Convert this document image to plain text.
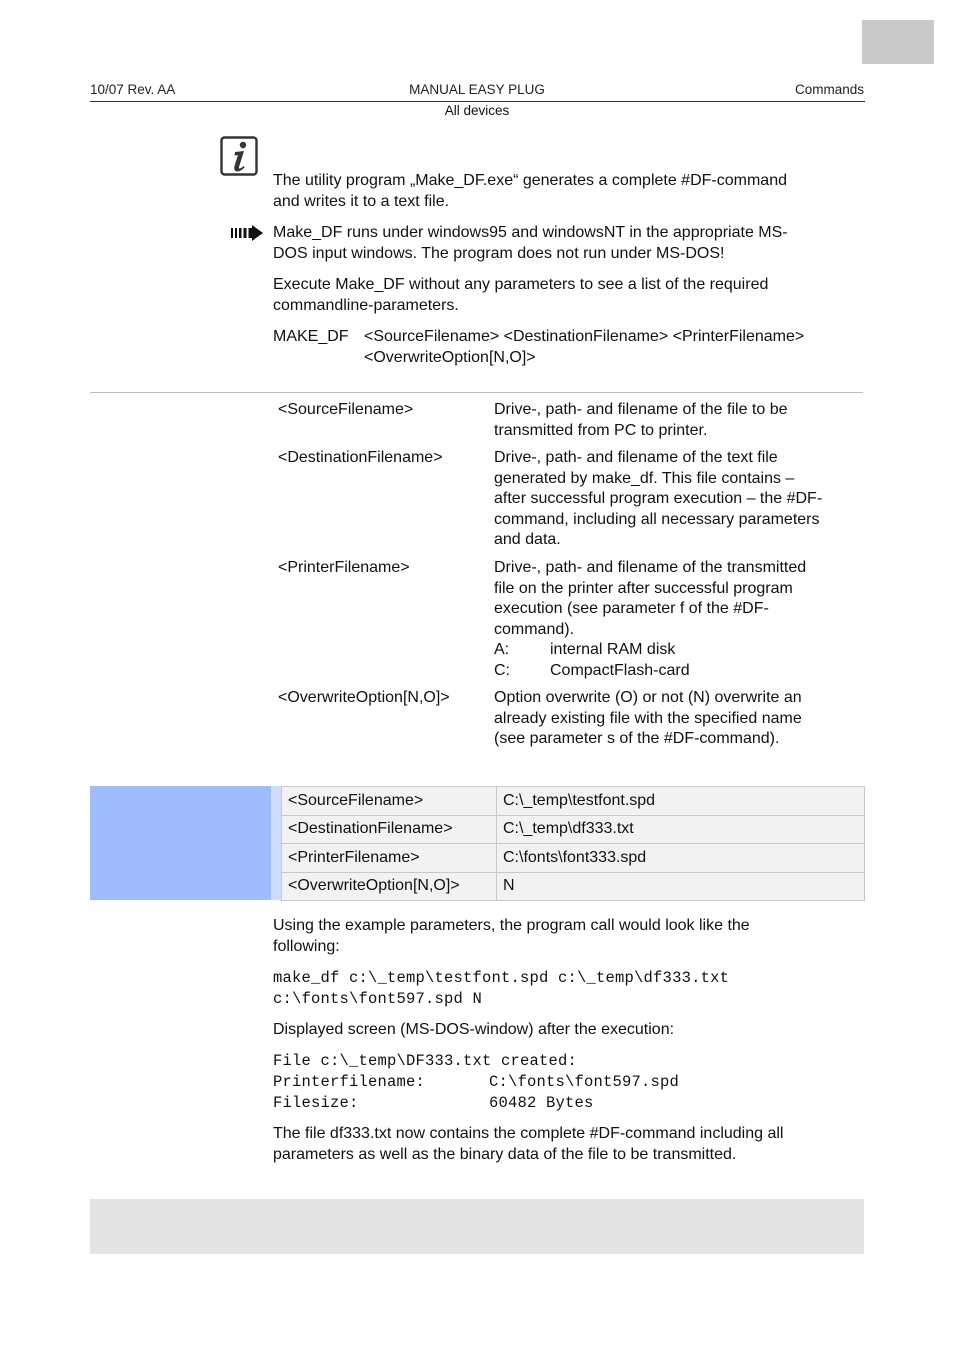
10/07 Rev. AA	MANUAL EASY PLUG	Commands
All devices
The utility program „Make_DF.exe“ generates a complete #DF-command
and writes it to a text file.
Make_DF runs under windows95 and windowsNT in the appropriate MS-
DOS input windows. The program does not run under MS-DOS!
Execute Make_DF without any parameters to see a list of the required
commandline-parameters.
MAKE_DF <SourceFilename> <DestinationFilename> <PrinterFilename>
<OverwriteOption[N,O]>
<SourceFilename>	Drive-, path- and filename of the file to be
transmitted from PC to printer.
<DestinationFilename>	Drive-, path- and filename of the text file
generated by make_df. This file contains –
after successful program execution – the #DF-
command, including all necessary parameters
and data.
<PrinterFilename>	Drive-, path- and filename of the transmitted
file on the printer after successful program
execution (see parameter f of the #DF-
command).
A:	internal RAM disk
C:	CompactFlash-card
<OverwriteOption[N,O]>	Option overwrite (O) or not (N) overwrite an
already existing file with the specified name
(see parameter s of the #DF-command).
<SourceFilename>	C:\_temp\testfont.spd
<DestinationFilename>	C:\_temp\df333.txt
<PrinterFilename>	C:\fonts\font333.spd
<OverwriteOption[N,O]>	N
Using the example parameters, the program call would look like the
following:
make_df c:\_temp\testfont.spd c:\_temp\df333.txt
c:\fonts\font597.spd N
Displayed screen (MS-DOS-window) after the execution:
File c:\_temp\DF333.txt created:
Printerfilename:	C:\fonts\font597.spd
Filesize:	60482 Bytes
The file df333.txt now contains the complete #DF-command including all
parameters as well as the binary data of the file to be transmitted.
